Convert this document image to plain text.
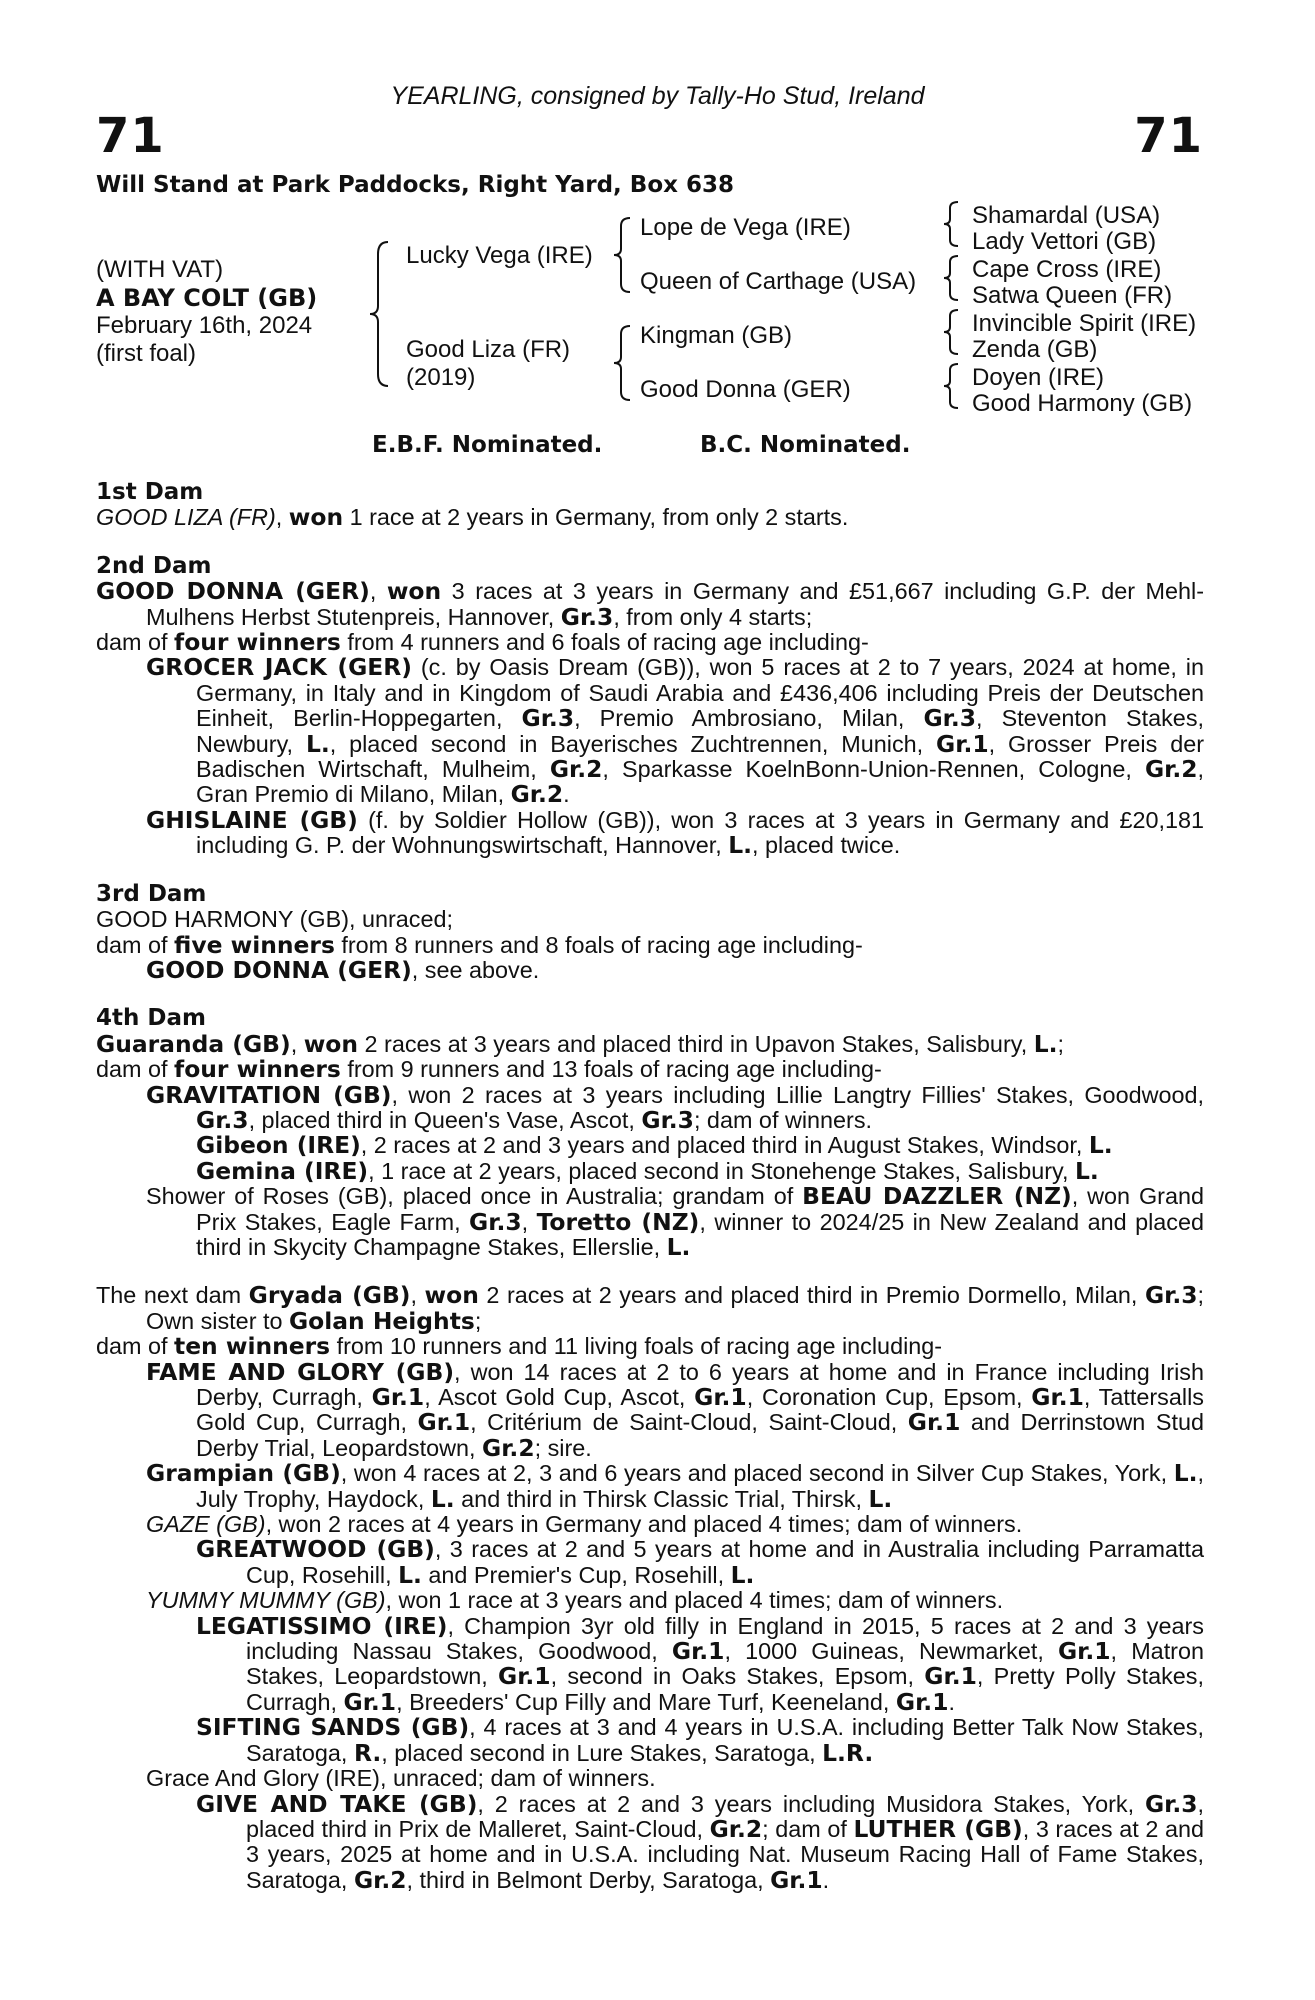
YEARLING, consigned by Tally-Ho Stud, Ireland
71	71
Will Stand at Park Paddocks, Right Yard, Box 638
(WITH VAT)
A BAY COLT (GB)
February 16th, 2024
(first foal)
Lucky Vega (IRE)
Good Liza (FR)
(2019)
Lope de Vega (IRE)
Queen of Carthage (USA)
Kingman (GB)
Good Donna (GER)
Shamardal (USA)
Lady Vettori (GB)
Cape Cross (IRE)
Satwa Queen (FR)
Invincible Spirit (IRE)
Zenda (GB)
Doyen (IRE)
Good Harmony (GB)
E.B.F. Nominated.	B.C. Nominated.
1st Dam
GOOD LIZA (FR), won 1 race at 2 years in Germany, from only 2 starts.
2nd Dam
GOOD DONNA (GER), won 3 races at 3 years in Germany and £51,667 including G.P. der Mehl-Mulhens Herbst Stutenpreis, Hannover, Gr.3, from only 4 starts;
dam of four winners from 4 runners and 6 foals of racing age including-
GROCER JACK (GER) (c. by Oasis Dream (GB)), won 5 races at 2 to 7 years, 2024 at home, in Germany, in Italy and in Kingdom of Saudi Arabia and £436,406 including Preis der Deutschen Einheit, Berlin-Hoppegarten, Gr.3, Premio Ambrosiano, Milan, Gr.3, Steventon Stakes, Newbury, L., placed second in Bayerisches Zuchtrennen, Munich, Gr.1, Grosser Preis der Badischen Wirtschaft, Mulheim, Gr.2, Sparkasse KoelnBonn-Union-Rennen, Cologne, Gr.2, Gran Premio di Milano, Milan, Gr.2.
GHISLAINE (GB) (f. by Soldier Hollow (GB)), won 3 races at 3 years in Germany and £20,181 including G. P. der Wohnungswirtschaft, Hannover, L., placed twice.
3rd Dam
GOOD HARMONY (GB), unraced;
dam of five winners from 8 runners and 8 foals of racing age including-
GOOD DONNA (GER), see above.
4th Dam
Guaranda (GB), won 2 races at 3 years and placed third in Upavon Stakes, Salisbury, L.;
dam of four winners from 9 runners and 13 foals of racing age including-
GRAVITATION (GB), won 2 races at 3 years including Lillie Langtry Fillies' Stakes, Goodwood, Gr.3, placed third in Queen's Vase, Ascot, Gr.3; dam of winners.
Gibeon (IRE), 2 races at 2 and 3 years and placed third in August Stakes, Windsor, L.
Gemina (IRE), 1 race at 2 years, placed second in Stonehenge Stakes, Salisbury, L.
Shower of Roses (GB), placed once in Australia; grandam of BEAU DAZZLER (NZ), won Grand Prix Stakes, Eagle Farm, Gr.3, Toretto (NZ), winner to 2024/25 in New Zealand and placed third in Skycity Champagne Stakes, Ellerslie, L.
The next dam Gryada (GB), won 2 races at 2 years and placed third in Premio Dormello, Milan, Gr.3; Own sister to Golan Heights;
dam of ten winners from 10 runners and 11 living foals of racing age including-
FAME AND GLORY (GB), won 14 races at 2 to 6 years at home and in France including Irish Derby, Curragh, Gr.1, Ascot Gold Cup, Ascot, Gr.1, Coronation Cup, Epsom, Gr.1, Tattersalls Gold Cup, Curragh, Gr.1, Critérium de Saint-Cloud, Saint-Cloud, Gr.1 and Derrinstown Stud Derby Trial, Leopardstown, Gr.2; sire.
Grampian (GB), won 4 races at 2, 3 and 6 years and placed second in Silver Cup Stakes, York, L., July Trophy, Haydock, L. and third in Thirsk Classic Trial, Thirsk, L.
GAZE (GB), won 2 races at 4 years in Germany and placed 4 times; dam of winners.
GREATWOOD (GB), 3 races at 2 and 5 years at home and in Australia including Parramatta Cup, Rosehill, L. and Premier's Cup, Rosehill, L.
YUMMY MUMMY (GB), won 1 race at 3 years and placed 4 times; dam of winners.
LEGATISSIMO (IRE), Champion 3yr old filly in England in 2015, 5 races at 2 and 3 years including Nassau Stakes, Goodwood, Gr.1, 1000 Guineas, Newmarket, Gr.1, Matron Stakes, Leopardstown, Gr.1, second in Oaks Stakes, Epsom, Gr.1, Pretty Polly Stakes, Curragh, Gr.1, Breeders' Cup Filly and Mare Turf, Keeneland, Gr.1.
SIFTING SANDS (GB), 4 races at 3 and 4 years in U.S.A. including Better Talk Now Stakes, Saratoga, R., placed second in Lure Stakes, Saratoga, L.R.
Grace And Glory (IRE), unraced; dam of winners.
GIVE AND TAKE (GB), 2 races at 2 and 3 years including Musidora Stakes, York, Gr.3, placed third in Prix de Malleret, Saint-Cloud, Gr.2; dam of LUTHER (GB), 3 races at 2 and 3 years, 2025 at home and in U.S.A. including Nat. Museum Racing Hall of Fame Stakes, Saratoga, Gr.2, third in Belmont Derby, Saratoga, Gr.1.
